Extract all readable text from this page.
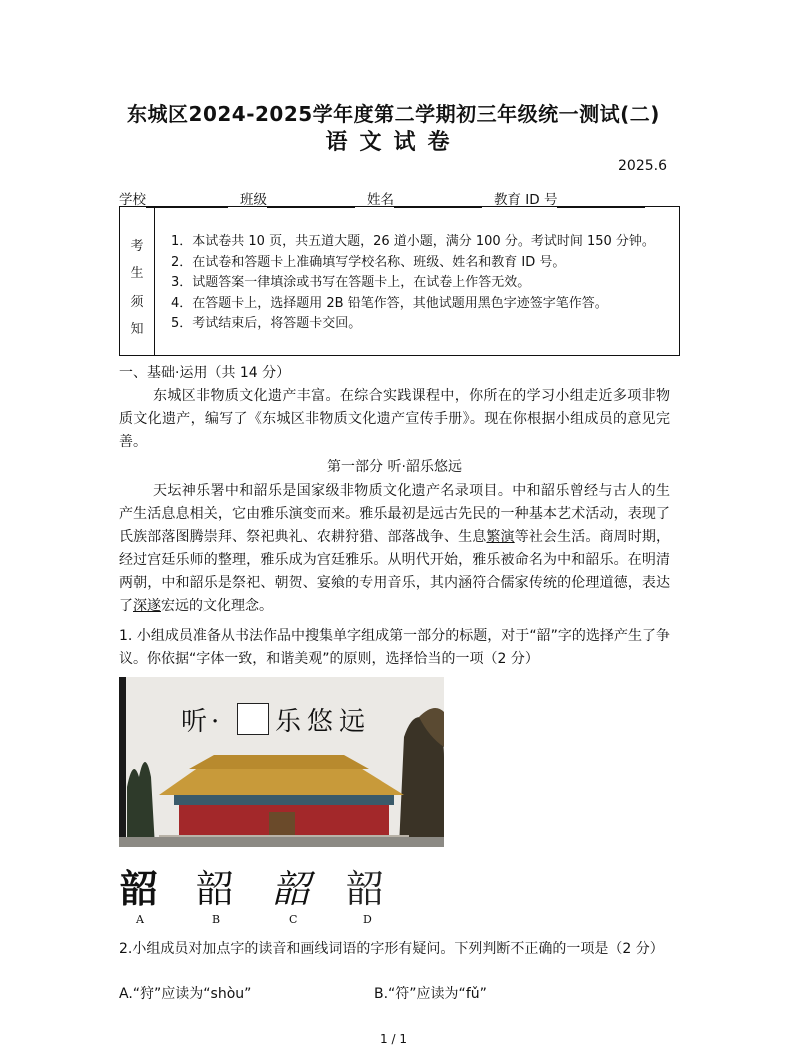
东城区2024-2025学年度第二学期初三年级统一测试(二)
语文试卷
2025.6
学校	班级	姓名	教育 ID 号
考
生
须
知
1．本试卷共 10 页，共五道大题，26 道小题，满分 100 分。考试时间 150 分钟。
2．在试卷和答题卡上准确填写学校名称、班级、姓名和教育 ID 号。
3．试题答案一律填涂或书写在答题卡上，在试卷上作答无效。
4．在答题卡上，选择题用 2B 铅笔作答，其他试题用黑色字迹签字笔作答。
5．考试结束后，将答题卡交回。
一、基础·运用（共 14 分）
东城区非物质文化遗产丰富。在综合实践课程中，你所在的学习小组走近多项非物质文化遗产，编写了《东城区非物质文化遗产宣传手册》。现在你根据小组成员的意见完善。
第一部分 听·韶乐悠远
天坛神乐署中和韶乐是国家级非物质文化遗产名录项目。中和韶乐曾经与古人的生产生活息息相关，它由雅乐演变而来。雅乐最初是远古先民的一种基本艺术活动，表现了氏族部落图腾崇拜、祭祀典礼、农耕狩猎、部落战争、生息繁演等社会生活。商周时期，经过宫廷乐师的整理，雅乐成为宫廷雅乐。从明代开始，雅乐被命名为中和韶乐。在明清两朝，中和韶乐是祭祀、朝贺、宴飨的专用音乐，其内涵符合儒家传统的伦理道德，表达了深遂宏远的文化理念。
1. 小组成员准备从书法作品中搜集单字组成第一部分的标题，对于“韶”字的选择产生了争议。你依据“字体一致，和谐美观”的原则，选择恰当的一项（2 分）
听· 乐悠远
韶 韶 韶 韶
A	B	C	D
2.小组成员对加点字的读音和画线词语的字形有疑问。下列判断不正确的一项是（2 分）
A.“狩”应读为“shòu”	B.“符”应读为“fǔ”
1 / 1
